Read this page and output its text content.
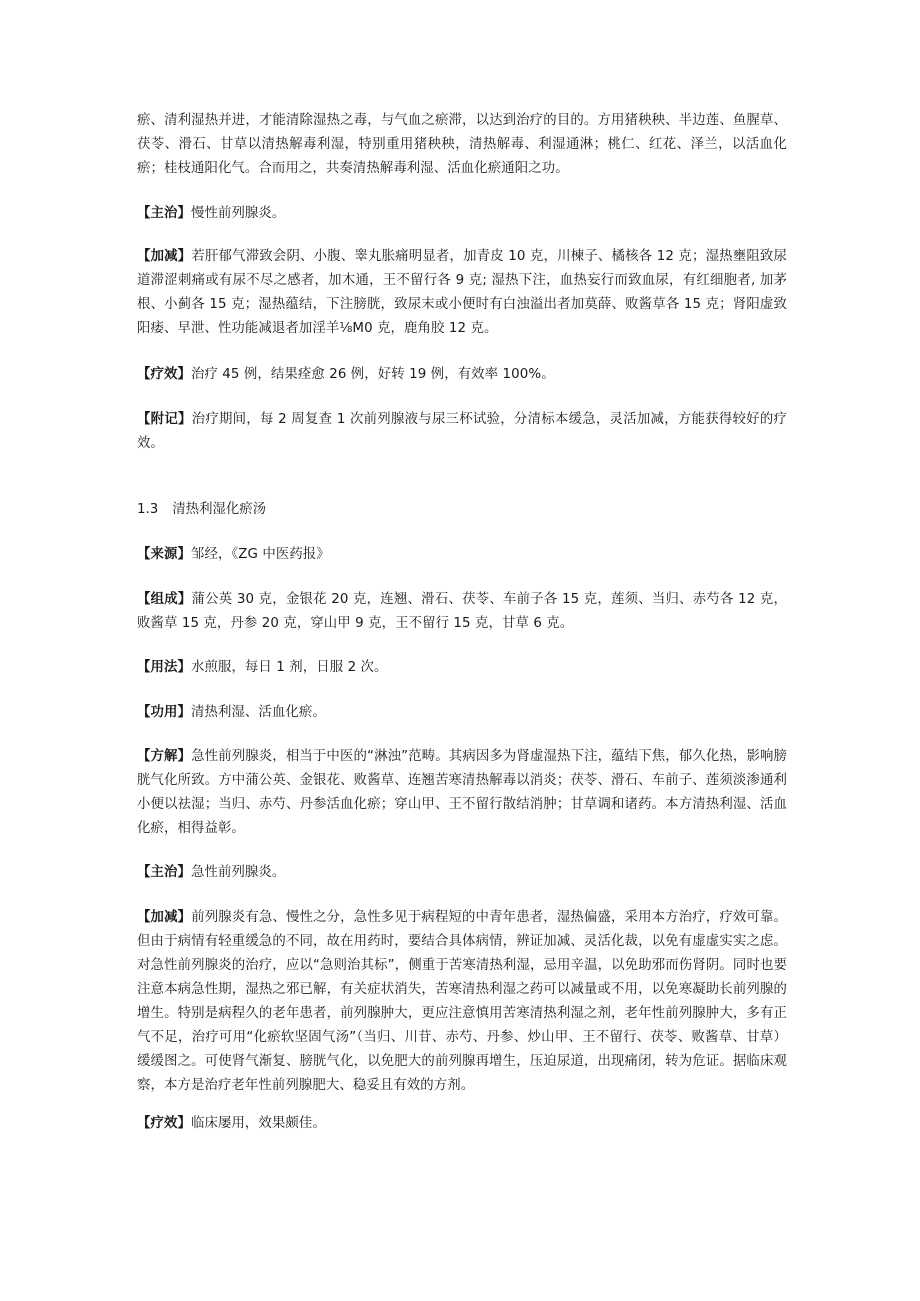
瘀、清利湿热并进，才能清除湿热之毒，与气血之瘀滞，以达到治疗的目的。方用猪秧秧、半边莲、鱼腥草、茯苓、滑石、甘草以清热解毒利湿，特别重用猪秧秧，清热解毒、利湿通淋；桃仁、红花、泽兰，以活血化瘀；桂枝通阳化气。合而用之，共奏清热解毒利湿、活血化瘀通阳之功。

【主治】慢性前列腺炎。

【加减】若肝郁气滞致会阴、小腹、睾丸胀痛明显者，加青皮 10 克，川楝子、橘核各 12 克；湿热壅阻致尿道滞涩刺痛或有尿不尽之感者，加木通，王不留行各 9 克; 湿热下注，血热妄行而致血尿，有红细胞者, 加茅根、小蓟各 15 克；湿热蕴结，下注膀胱，致尿末或小便时有白浊溢出者加莫薛、败酱草各 15 克；肾阳虚致阳痿、早泄、性功能减退者加淫羊⅛M0 克，鹿角胶 12 克。

【疗效】治疗 45 例，结果痊愈 26 例，好转 19 例，有效率 100%。

【附记】治疗期间，每 2 周复查 1 次前列腺液与尿三杯试验，分清标本缓急，灵活加减，方能获得较好的疗效。

1.3 清热利湿化瘀汤

【来源】邹经，《ZG 中医药报》

【组成】蒲公英 30 克，金银花 20 克，连翘、滑石、茯苓、车前子各 15 克，莲须、当归、赤芍各 12 克，败酱草 15 克，丹参 20 克，穿山甲 9 克，王不留行 15 克，甘草 6 克。

【用法】水煎服，每日 1 剂，日服 2 次。

【功用】清热利湿、活血化瘀。

【方解】急性前列腺炎，相当于中医的“淋浊”范畴。其病因多为肾虚湿热下注，蕴结下焦，郁久化热，影响膀胱气化所致。方中蒲公英、金银花、败酱草、连翘苦寒清热解毒以消炎；茯苓、滑石、车前子、莲须淡渗通利小便以祛湿；当归、赤芍、丹参活血化瘀；穿山甲、王不留行散结消肿；甘草调和诸药。本方清热利湿、活血化瘀，相得益彰。

【主治】急性前列腺炎。

【加减】前列腺炎有急、慢性之分，急性多见于病程短的中青年患者，湿热偏盛，采用本方治疗，疗效可靠。但由于病情有轻重缓急的不同，故在用药时，要结合具体病情，辨证加减、灵活化裁，以免有虚虚实实之虑。对急性前列腺炎的治疗，应以“急则治其标”，侧重于苦寒清热利湿，忌用辛温，以免助邪而伤肾阴。同时也要注意本病急性期，湿热之邪已解，有关症状消失，苦寒清热利湿之药可以减量或不用，以免寒凝助长前列腺的增生。特别是病程久的老年患者，前列腺肿大，更应注意慎用苦寒清热利湿之剂，老年性前列腺肿大，多有正气不足，治疗可用“化瘀软坚固气汤”（当归、川苷、赤芍、丹参、炒山甲、王不留行、茯苓、败酱草、甘草）缓缓图之。可使肾气渐复、膀胱气化，以免肥大的前列腺再增生，压迫尿道，出现痛闭，转为危证。据临床观察，本方是治疗老年性前列腺肥大、稳妥且有效的方剂。

【疗效】临床屡用，效果颇佳。
